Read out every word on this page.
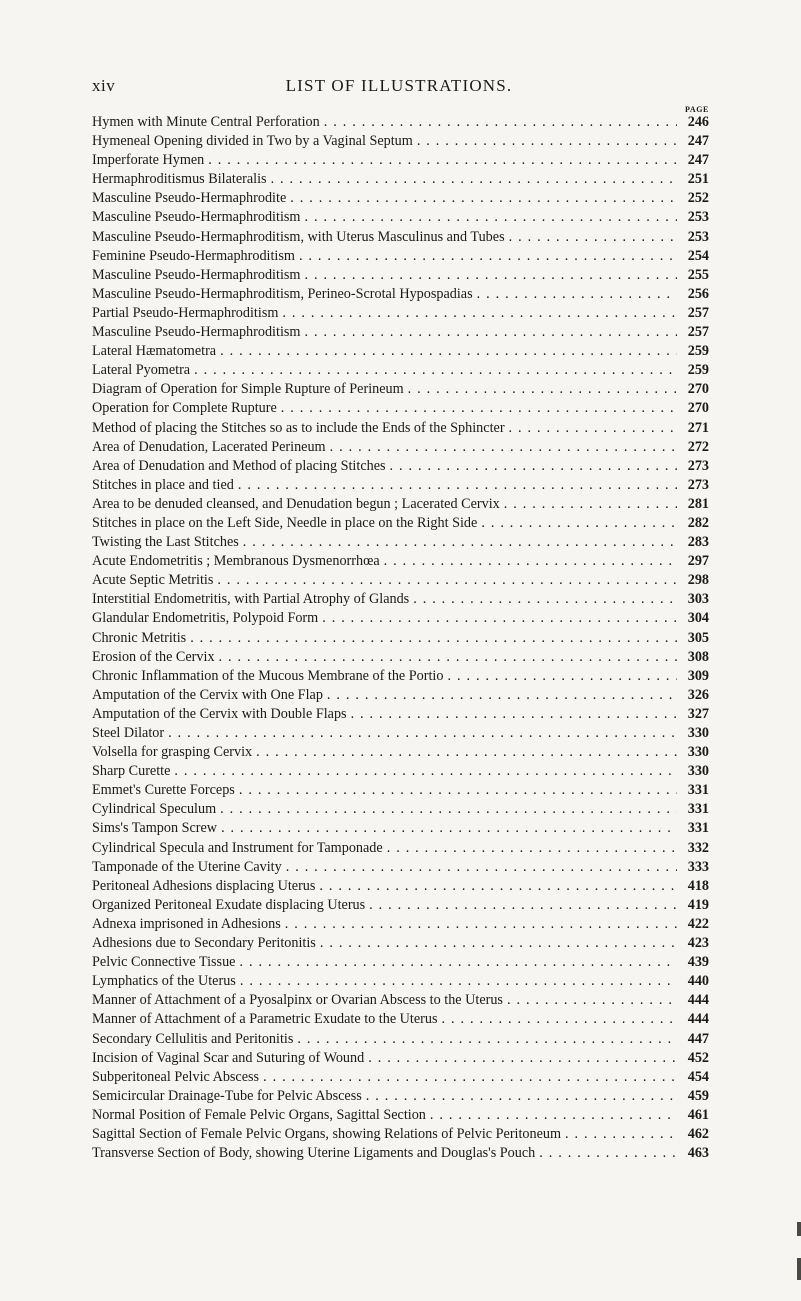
xiv	LIST OF ILLUSTRATIONS.
PAGE
Hymen with Minute Central Perforation . . .	246
Hymeneal Opening divided in Two by a Vaginal Septum . . .	247
Imperforate Hymen . . .	247
Hermaphroditismus Bilateralis . . .	251
Masculine Pseudo-Hermaphrodite . . .	252
Masculine Pseudo-Hermaphroditism . . .	253
Masculine Pseudo-Hermaphroditism, with Uterus Masculinus and Tubes . . .	253
Feminine Pseudo-Hermaphroditism . . .	254
Masculine Pseudo-Hermaphroditism . . .	255
Masculine Pseudo-Hermaphroditism, Perineo-Scrotal Hypospadias . . .	256
Partial Pseudo-Hermaphroditism . . .	257
Masculine Pseudo-Hermaphroditism . . .	257
Lateral Hæmatometra . . .	259
Lateral Pyometra . . .	259
Diagram of Operation for Simple Rupture of Perineum . . .	270
Operation for Complete Rupture . . .	270
Method of placing the Stitches so as to include the Ends of the Sphincter . . .	271
Area of Denudation, Lacerated Perineum . . .	272
Area of Denudation and Method of placing Stitches . . .	273
Stitches in place and tied . . .	273
Area to be denuded cleansed, and Denudation begun ; Lacerated Cervix . . .	281
Stitches in place on the Left Side, Needle in place on the Right Side . . .	282
Twisting the Last Stitches . . .	283
Acute Endometritis ; Membranous Dysmenorrhœa . . .	297
Acute Septic Metritis . . .	298
Interstitial Endometritis, with Partial Atrophy of Glands . . .	303
Glandular Endometritis, Polypoid Form . . .	304
Chronic Metritis . . .	305
Erosion of the Cervix . . .	308
Chronic Inflammation of the Mucous Membrane of the Portio . . .	309
Amputation of the Cervix with One Flap . . .	326
Amputation of the Cervix with Double Flaps . . .	327
Steel Dilator . . .	330
Volsella for grasping Cervix . . .	330
Sharp Curette . . .	330
Emmet's Curette Forceps . . .	331
Cylindrical Speculum . . .	331
Sims's Tampon Screw . . .	331
Cylindrical Specula and Instrument for Tamponade . . .	332
Tamponade of the Uterine Cavity . . .	333
Peritoneal Adhesions displacing Uterus . . .	418
Organized Peritoneal Exudate displacing Uterus . . .	419
Adnexa imprisoned in Adhesions . . .	422
Adhesions due to Secondary Peritonitis . . .	423
Pelvic Connective Tissue . . .	439
Lymphatics of the Uterus . . .	440
Manner of Attachment of a Pyosalpinx or Ovarian Abscess to the Uterus . . .	444
Manner of Attachment of a Parametric Exudate to the Uterus . . .	444
Secondary Cellulitis and Peritonitis . . .	447
Incision of Vaginal Scar and Suturing of Wound . . .	452
Subperitoneal Pelvic Abscess . . .	454
Semicircular Drainage-Tube for Pelvic Abscess . . .	459
Normal Position of Female Pelvic Organs, Sagittal Section . . .	461
Sagittal Section of Female Pelvic Organs, showing Relations of Pelvic Peritoneum . . .	462
Transverse Section of Body, showing Uterine Ligaments and Douglas's Pouch . . .	463
